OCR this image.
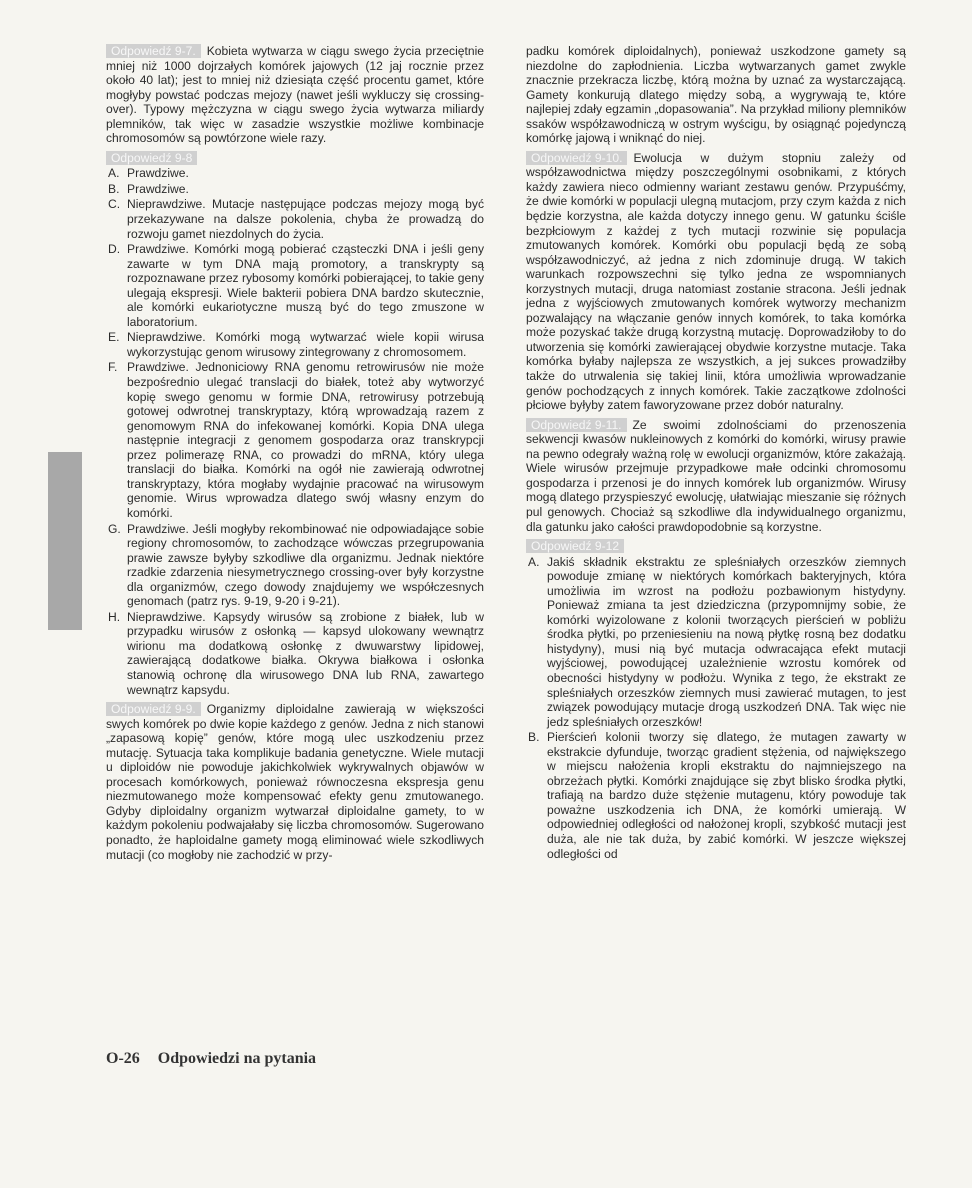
Odpowiedź 9-7. Kobieta wytwarza w ciągu swego życia przeciętnie mniej niż 1000 dojrzałych komórek jajowych (12 jaj rocznie przez około 40 lat); jest to mniej niż dziesiąta część procentu gamet, które mogłyby powstać podczas mejozy (nawet jeśli wykluczy się crossing-over). Typowy mężczyzna w ciągu swego życia wytwarza miliardy plemników, tak więc w zasadzie wszystkie możliwe kombinacje chromosomów są powtórzone wiele razy.

Odpowiedź 9-8
A. Prawdziwe.
B. Prawdziwe.
C. Nieprawdziwe. Mutacje następujące podczas mejozy mogą być przekazywane na dalsze pokolenia, chyba że prowadzą do rozwoju gamet niezdolnych do życia.
D. Prawdziwe. Komórki mogą pobierać cząsteczki DNA i jeśli geny zawarte w tym DNA mają promotory, a transkrypty są rozpoznawane przez rybosomy komórki pobierającej, to takie geny ulegają ekspresji. Wiele bakterii pobiera DNA bardzo skutecznie, ale komórki eukariotyczne muszą być do tego zmuszone w laboratorium.
E. Nieprawdziwe. Komórki mogą wytwarzać wiele kopii wirusa wykorzystując genom wirusowy zintegrowany z chromosomem.
F. Prawdziwe. Jednoniciowy RNA genomu retrowirusów nie może bezpośrednio ulegać translacji do białek, toteż aby wytworzyć kopię swego genomu w formie DNA, retrowirusy potrzebują gotowej odwrotnej transkryptazy, którą wprowadzają razem z genomowym RNA do infekowanej komórki. Kopia DNA ulega następnie integracji z genomem gospodarza oraz transkrypcji przez polimerazę RNA, co prowadzi do mRNA, który ulega translacji do białka. Komórki na ogół nie zawierają odwrotnej transkryptazy, która mogłaby wydajnie pracować na wirusowym genomie. Wirus wprowadza dlatego swój własny enzym do komórki.
G. Prawdziwe. Jeśli mogłyby rekombinować nie odpowiadające sobie regiony chromosomów, to zachodzące wówczas przegrupowania prawie zawsze byłyby szkodliwe dla organizmu. Jednak niektóre rzadkie zdarzenia niesymetrycznego crossing-over były korzystne dla organizmów, czego dowody znajdujemy we współczesnych genomach (patrz rys. 9-19, 9-20 i 9-21).
H. Nieprawdziwe. Kapsydy wirusów są zrobione z białek, lub w przypadku wirusów z osłonką — kapsyd ulokowany wewnątrz wirionu ma dodatkową osłonkę z dwuwarstwy lipidowej, zawierającą dodatkowe białka. Okrywa białkowa i osłonka stanowią ochronę dla wirusowego DNA lub RNA, zawartego wewnątrz kapsydu.

Odpowiedź 9-9. Organizmy diploidalne zawierają w większości swych komórek po dwie kopie każdego z genów. Jedna z nich stanowi „zapasową kopię” genów, które mogą ulec uszkodzeniu przez mutację. Sytuacja taka komplikuje badania genetyczne. Wiele mutacji u diploidów nie powoduje jakichkolwiek wykrywalnych objawów w procesach komórkowych, ponieważ równoczesna ekspresja genu niezmutowanego może kompensować efekty genu zmutowanego. Gdyby diploidalny organizm wytwarzał diploidalne gamety, to w każdym pokoleniu podwajałaby się liczba chromosomów. Sugerowano ponadto, że haploidalne gamety mogą eliminować wiele szkodliwych mutacji (co mogłoby nie zachodzić w przy-

padku komórek diploidalnych), ponieważ uszkodzone gamety są niezdolne do zapłodnienia. Liczba wytwarzanych gamet zwykle znacznie przekracza liczbę, którą można by uznać za wystarczającą. Gamety konkurują dlatego między sobą, a wygrywają te, które najlepiej zdały egzamin „dopasowania”. Na przykład miliony plemników ssaków współzawodniczą w ostrym wyścigu, by osiągnąć pojedynczą komórkę jajową i wniknąć do niej.

Odpowiedź 9-10. Ewolucja w dużym stopniu zależy od współzawodnictwa między poszczególnymi osobnikami, z których każdy zawiera nieco odmienny wariant zestawu genów. Przypuśćmy, że dwie komórki w populacji ulegną mutacjom, przy czym każda z nich będzie korzystna, ale każda dotyczy innego genu. W gatunku ściśle bezpłciowym z każdej z tych mutacji rozwinie się populacja zmutowanych komórek. Komórki obu populacji będą ze sobą współzawodniczyć, aż jedna z nich zdominuje drugą. W takich warunkach rozpowszechni się tylko jedna ze wspomnianych korzystnych mutacji, druga natomiast zostanie stracona. Jeśli jednak jedna z wyjściowych zmutowanych komórek wytworzy mechanizm pozwalający na włączanie genów innych komórek, to taka komórka może pozyskać także drugą korzystną mutację. Doprowadziłoby to do utworzenia się komórki zawierającej obydwie korzystne mutacje. Taka komórka byłaby najlepsza ze wszystkich, a jej sukces prowadziłby także do utrwalenia się takiej linii, która umożliwia wprowadzanie genów pochodzących z innych komórek. Takie zaczątkowe zdolności płciowe byłyby zatem faworyzowane przez dobór naturalny.

Odpowiedź 9-11. Ze swoimi zdolnościami do przenoszenia sekwencji kwasów nukleinowych z komórki do komórki, wirusy prawie na pewno odegrały ważną rolę w ewolucji organizmów, które zakażają. Wiele wirusów przejmuje przypadkowe małe odcinki chromosomu gospodarza i przenosi je do innych komórek lub organizmów. Wirusy mogą dlatego przyspieszyć ewolucję, ułatwiając mieszanie się różnych pul genowych. Chociaż są szkodliwe dla indywidualnego organizmu, dla gatunku jako całości prawdopodobnie są korzystne.

Odpowiedź 9-12
A. Jakiś składnik ekstraktu ze spleśniałych orzeszków ziemnych powoduje zmianę w niektórych komórkach bakteryjnych, która umożliwia im wzrost na podłożu pozbawionym histydyny. Ponieważ zmiana ta jest dziedziczna (przypomnijmy sobie, że komórki wyizolowane z kolonii tworzących pierścień w pobliżu środka płytki, po przeniesieniu na nową płytkę rosną bez dodatku histydyny), musi nią być mutacja odwracająca efekt mutacji wyjściowej, powodującej uzależnienie wzrostu komórek od obecności histydyny w podłożu. Wynika z tego, że ekstrakt ze spleśniałych orzeszków ziemnych musi zawierać mutagen, to jest związek powodujący mutacje drogą uszkodzeń DNA. Tak więc nie jedz spleśniałych orzeszków!
B. Pierścień kolonii tworzy się dlatego, że mutagen zawarty w ekstrakcie dyfunduje, tworząc gradient stężenia, od największego w miejscu nałożenia kropli ekstraktu do najmniejszego na obrzeżach płytki. Komórki znajdujące się zbyt blisko środka płytki, trafiają na bardzo duże stężenie mutagenu, który powoduje tak poważne uszkodzenia ich DNA, że komórki umierają. W odpowiedniej odległości od nałożonej kropli, szybkość mutacji jest duża, ale nie tak duża, by zabić komórki. W jeszcze większej odległości od
O-26 Odpowiedzi na pytania
